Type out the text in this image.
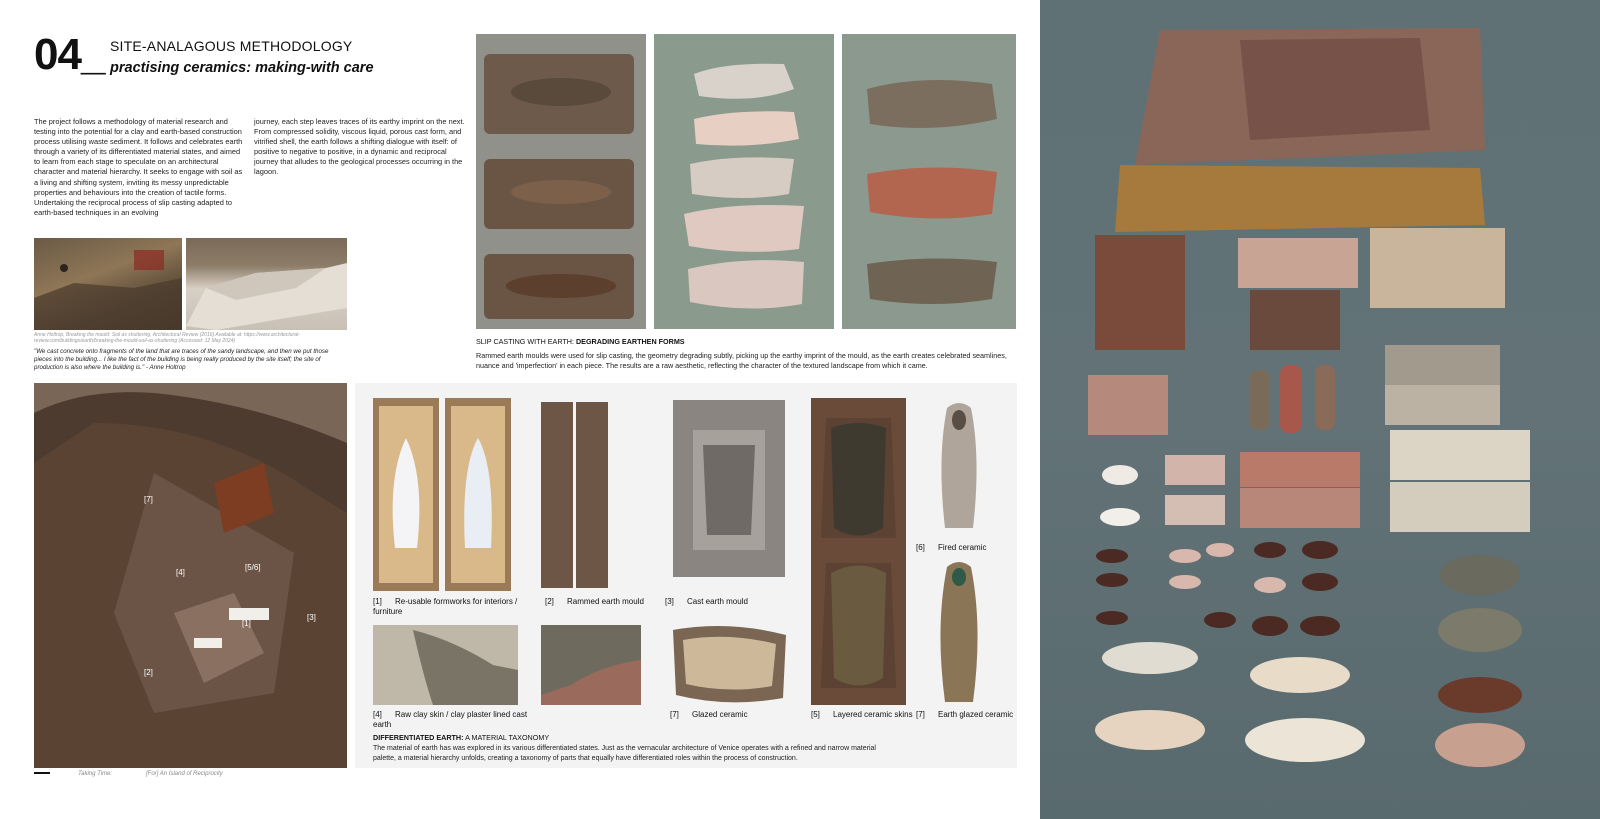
04_ SITE-ANALAGOUS METHODOLOGY
practising ceramics: making-with care
The project follows a methodology of material research and testing into the potential for a clay and earth-based construction process utilising waste sediment. It follows and celebrates earth through a variety of its differentiated material states, and aimed to learn from each stage to speculate on an architectural character and material hierarchy. It seeks to engage with soil as a living and shifting system, inviting its messy unpredictable properties and behaviours into the creation of tactile forms. Undertaking the reciprocal process of slip casting adapted to earth-based techniques in an evolving
journey, each step leaves traces of its earthy imprint on the next. From compressed solidity, viscous liquid, porous cast form, and vitrified shell, the earth follows a shifting dialogue with itself: of positive to negative to positive, in a dynamic and reciprocal journey that alludes to the geological processes occurring in the lagoon.
Anne Holtrop, Breaking the mould: Soil as shuttering, Architectural Review (2016) Available at: https://www.architectural-review.com/buildings/earth/breaking-the-mould-soil-as-shuttering (Accessed: 12 May 2024)
"We cast concrete onto fragments of the land that are traces of the sandy landscape, and then we put those pieces into the building... I like the fact of the building is being really produced by the site itself; the site of production is also where the building is." - Anne Holtrop
SLIP CASTING WITH EARTH: DEGRADING EARTHEN FORMS
Rammed earth moulds were used for slip casting, the geometry degrading subtly, picking up the earthy imprint of the mould, as the earth creates celebrated seamlines, nuance and 'imperfection' in each piece. The results are a raw aesthetic, reflecting the character of the textured landscape from which it came.
[7]
[4]
[5/6]
[1]
[3]
[2]
[1] Re-usable formworks for interiors / furniture
[2] Rammed earth mould	[3] Cast earth mould
[6] Fired ceramic
[4] Raw clay skin / clay plaster lined cast earth
[7] Glazed ceramic	[5] Layered ceramic skins [7] Earth glazed ceramic
DIFFERENTIATED EARTH: A MATERIAL TAXONOMY
The material of earth has was explored in its various differentiated states. Just as the vernacular architecture of Venice operates with a refined and narrow material palette, a material hierarchy unfolds, creating a taxonomy of parts that equally have differentiated roles within the process of construction.
Taking Time:	[For] An Island of Reciprocity
